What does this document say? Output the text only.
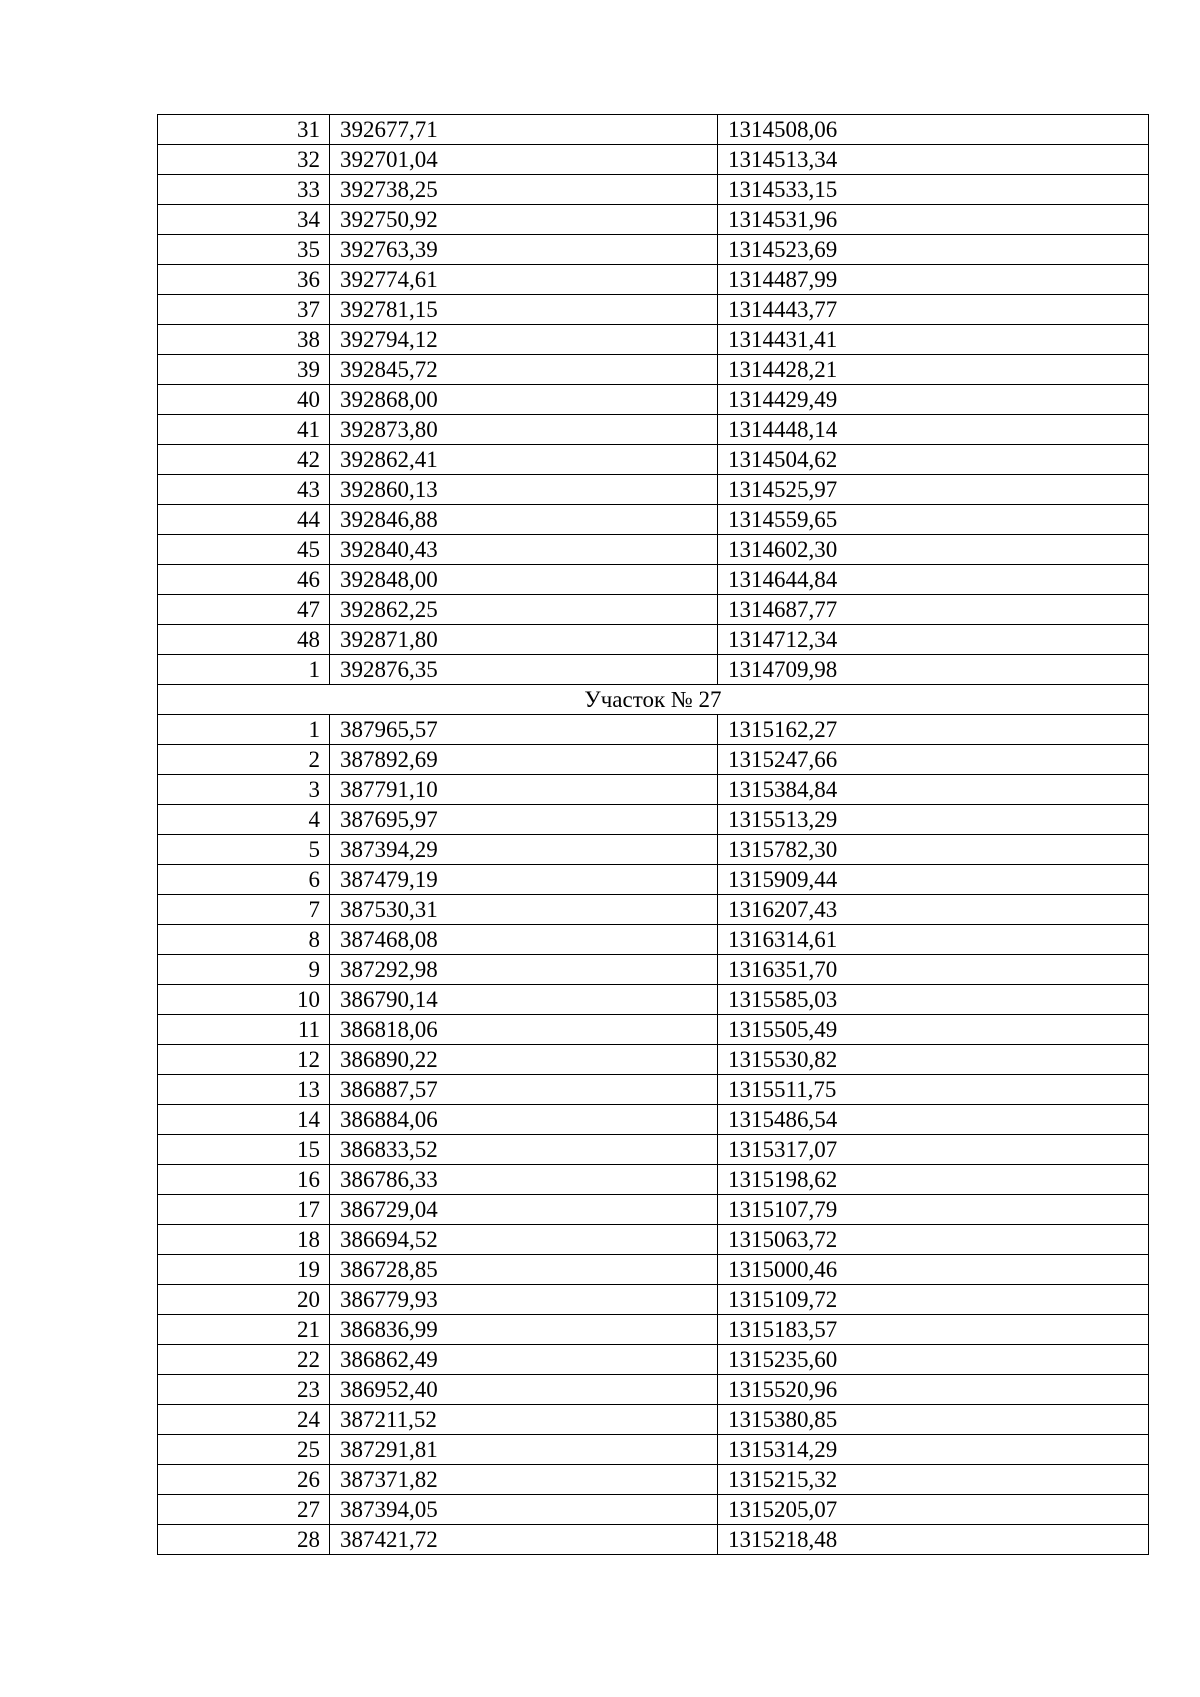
31	392677,71	1314508,06
32	392701,04	1314513,34
33	392738,25	1314533,15
34	392750,92	1314531,96
35	392763,39	1314523,69
36	392774,61	1314487,99
37	392781,15	1314443,77
38	392794,12	1314431,41
39	392845,72	1314428,21
40	392868,00	1314429,49
41	392873,80	1314448,14
42	392862,41	1314504,62
43	392860,13	1314525,97
44	392846,88	1314559,65
45	392840,43	1314602,30
46	392848,00	1314644,84
47	392862,25	1314687,77
48	392871,80	1314712,34
1	392876,35	1314709,98
Участок № 27		
1	387965,57	1315162,27
2	387892,69	1315247,66
3	387791,10	1315384,84
4	387695,97	1315513,29
5	387394,29	1315782,30
6	387479,19	1315909,44
7	387530,31	1316207,43
8	387468,08	1316314,61
9	387292,98	1316351,70
10	386790,14	1315585,03
11	386818,06	1315505,49
12	386890,22	1315530,82
13	386887,57	1315511,75
14	386884,06	1315486,54
15	386833,52	1315317,07
16	386786,33	1315198,62
17	386729,04	1315107,79
18	386694,52	1315063,72
19	386728,85	1315000,46
20	386779,93	1315109,72
21	386836,99	1315183,57
22	386862,49	1315235,60
23	386952,40	1315520,96
24	387211,52	1315380,85
25	387291,81	1315314,29
26	387371,82	1315215,32
27	387394,05	1315205,07
28	387421,72	1315218,48
